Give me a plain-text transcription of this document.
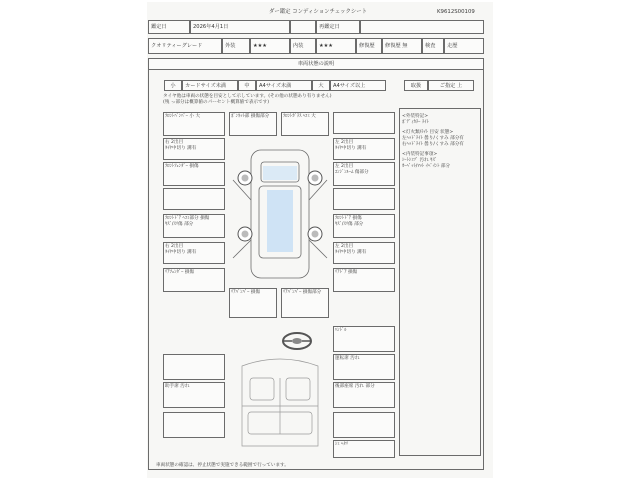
ダー鑑定 コンディションチェックシート	K9612S00109
鑑定日	2026年4月1日	再鑑定日
クオリティーグレード	外装	★★★	内装	★★★	修復歴	修復歴 無	検査	走歴
車両状態の説明
小	カードサイズ未満	中	A4サイズ未満	大	A4サイズ以上	取扱	ご指定 上
タイヤ他は車両の状態を目安として示しています。(その他の状態あり有りません)
(残 っ部分は概算値のパーセント概算値で表示です)
ﾌﾛﾝﾄﾊﾞﾝﾊﾟｰ 小 大
右 2出目
ﾀｲﾔ中切り 溝有
ﾌﾛﾝﾄﾌｪﾝﾀﾞｰ 損傷
ﾌﾛﾝﾄﾄﾞｱ ﾍｺﾐ部分 損傷
ｷｽﾞ/ｽﾘ傷 部分
右 2出目
ﾀｲﾔ中切り 溝有
ﾘｱﾌｪﾝﾀﾞｰ 損傷
ﾎﾞﾝﾈｯﾄ部 損傷部分	ﾌﾛﾝﾄｶﾞﾗｽ ﾍｺﾐ 大
左 2出目
ﾀｲﾔ中切り 溝有
左 2出目
ｴﾝｼﾞﾝﾙｰﾑ 傷部分
ﾌﾛﾝﾄﾄﾞｱ 損傷
ｷｽﾞ/ｽﾘ傷 部分
左 2出目
ﾀｲﾔ中切り 溝有
ﾘｱﾄﾞｱ 損傷
ﾘｱﾊﾞﾝﾊﾟｰ 損傷	ﾘｱﾊﾞﾝﾊﾟｰ 損傷部分
<外装特記>
ﾎﾞﾃﾞｨｶﾗｰ ﾗｲﾄ
<灯火類/ﾗｲﾄ 目安 状態>
左ﾍｯﾄﾞﾗｲﾄ 曇り/くすみ 部分有
右ﾍｯﾄﾞﾗｲﾄ 曇り/くすみ 部分有
<内装特記事項>
ｼｰﾄｼﾐﾂﾞ 汚れ ｷｽﾞ
ｶｰﾍﾟｯﾄ/ﾏｯﾄ ｲﾍﾟｲﾝﾄ 部分
ﾊﾝﾄﾞﾙ
運転席 汚れ
助手席 汚れ	後部座席 汚れ 部分
ｼﾐ ﾍﾀﾘ
車両状態の確認は、停止状態で実施できる範囲で行っています。
